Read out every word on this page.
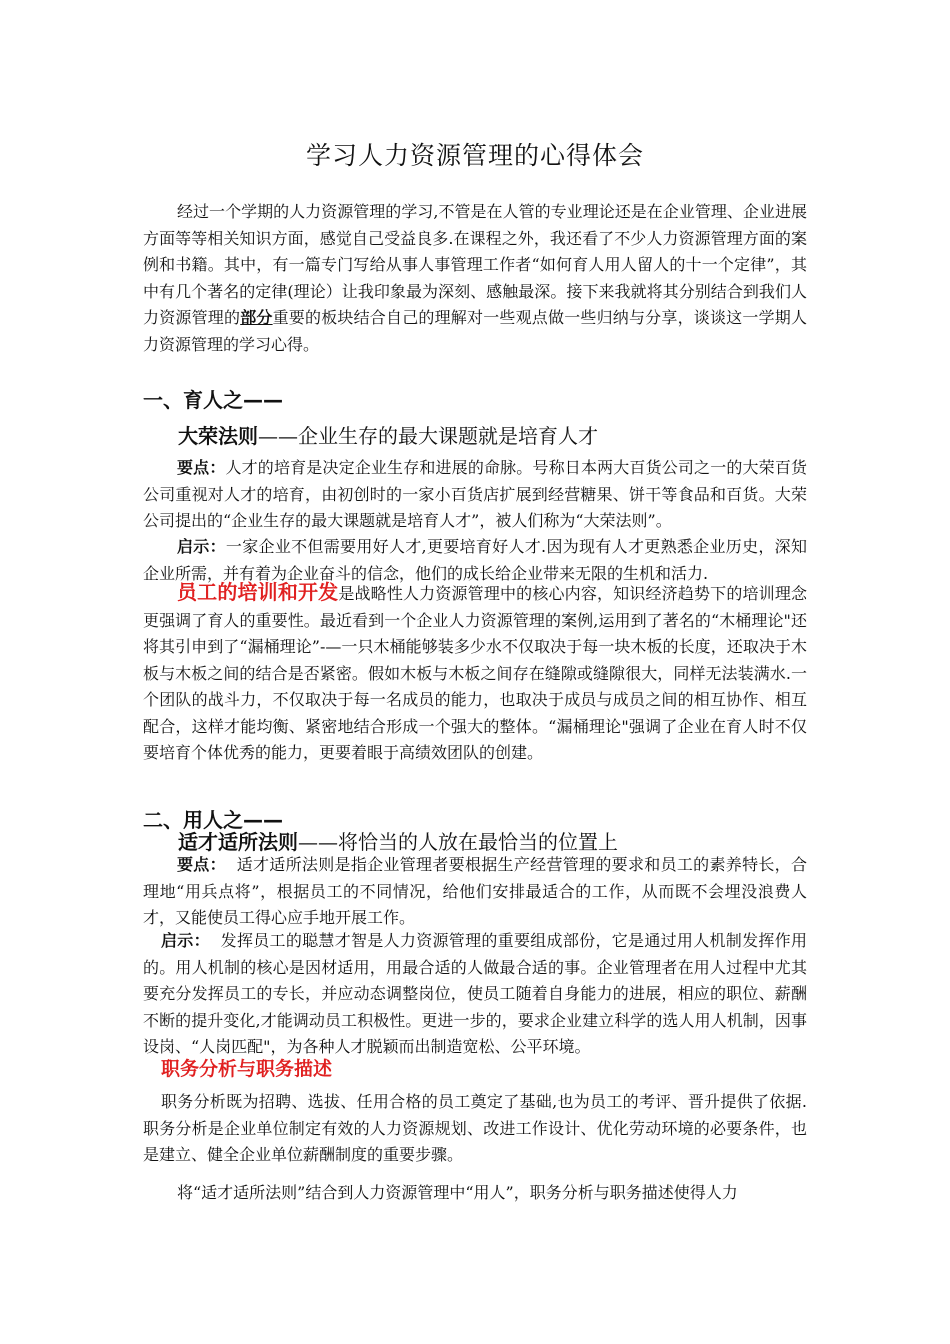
学习人力资源管理的心得体会

经过一个学期的人力资源管理的学习,不管是在人管的专业理论还是在企业管理、企业进展方面等等相关知识方面，感觉自己受益良多.在课程之外，我还看了不少人力资源管理方面的案例和书籍。其中，有一篇专门写给从事人事管理工作者“如何育人用人留人的十一个定律”，其中有几个著名的定律(理论）让我印象最为深刻、感触最深。接下来我就将其分别结合到我们人力资源管理的部分重要的板块结合自己的理解对一些观点做一些归纳与分享，谈谈这一学期人力资源管理的学习心得。

一、育人之——
大荣法则——企业生存的最大课题就是培育人才

要点：人才的培育是决定企业生存和进展的命脉。号称日本两大百货公司之一的大荣百货公司重视对人才的培育，由初创时的一家小百货店扩展到经营糖果、饼干等食品和百货。大荣公司提出的“企业生存的最大课题就是培育人才”，被人们称为“大荣法则”。

启示：一家企业不但需要用好人才,更要培育好人才.因为现有人才更熟悉企业历史，深知企业所需，并有着为企业奋斗的信念，他们的成长给企业带来无限的生机和活力.

员工的培训和开发是战略性人力资源管理中的核心内容，知识经济趋势下的培训理念更强调了育人的重要性。最近看到一个企业人力资源管理的案例,运用到了著名的“木桶理论"还将其引申到了“漏桶理论”-—一只木桶能够装多少水不仅取决于每一块木板的长度，还取决于木板与木板之间的结合是否紧密。假如木板与木板之间存在缝隙或缝隙很大，同样无法装满水.一个团队的战斗力，不仅取决于每一名成员的能力，也取决于成员与成员之间的相互协作、相互配合，这样才能均衡、紧密地结合形成一个强大的整体。“漏桶理论"强调了企业在育人时不仅要培育个体优秀的能力，更要着眼于高绩效团队的创建。

二、用人之——
适才适所法则——将恰当的人放在最恰当的位置上

要点： 适才适所法则是指企业管理者要根据生产经营管理的要求和员工的素养特长，合理地“用兵点将”，根据员工的不同情况，给他们安排最适合的工作，从而既不会埋没浪费人才，又能使员工得心应手地开展工作。

启示： 发挥员工的聪慧才智是人力资源管理的重要组成部份，它是通过用人机制发挥作用的。用人机制的核心是因材适用，用最合适的人做最合适的事。企业管理者在用人过程中尤其要充分发挥员工的专长，并应动态调整岗位，使员工随着自身能力的进展，相应的职位、薪酬不断的提升变化,才能调动员工积极性。更进一步的，要求企业建立科学的选人用人机制，因事设岗、“人岗匹配"，为各种人才脱颖而出制造宽松、公平环境。

职务分析与职务描述

职务分析既为招聘、选拔、任用合格的员工奠定了基础,也为员工的考评、晋升提供了依据.职务分析是企业单位制定有效的人力资源规划、改进工作设计、优化劳动环境的必要条件，也是建立、健全企业单位薪酬制度的重要步骤。

将“适才适所法则”结合到人力资源管理中“用人”，职务分析与职务描述使得人力
